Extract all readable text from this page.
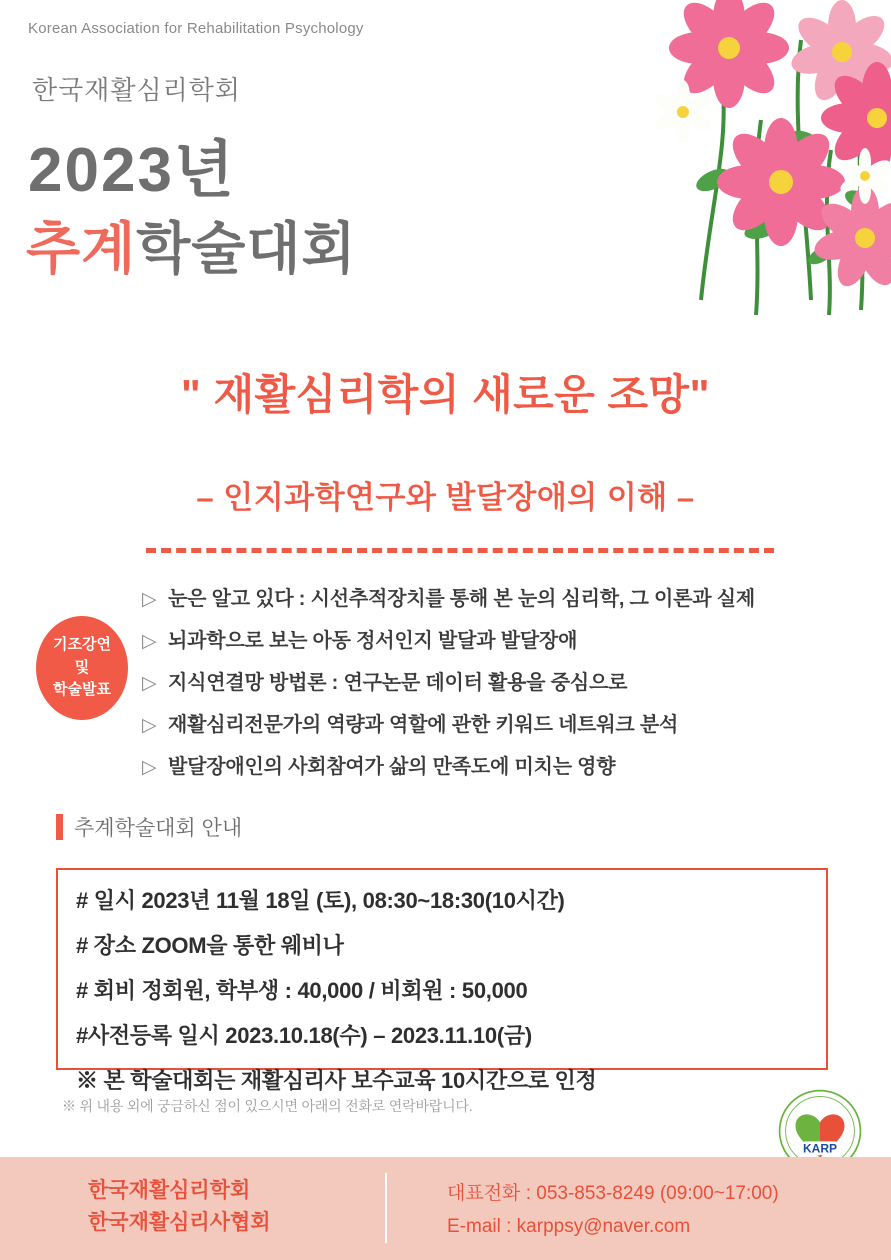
Korean Association for Rehabilitation Psychology
한국재활심리학회
2023년
추계학술대회
" 재활심리학의 새로운 조망"
– 인지과학연구와 발달장애의 이해 –
기조강연
및
학술발표
▷ 눈은 알고 있다 : 시선추적장치를 통해 본 눈의 심리학, 그 이론과 실제
▷ 뇌과학으로 보는 아동 정서인지 발달과 발달장애
▷ 지식연결망 방법론 : 연구논문 데이터 활용을 중심으로
▷ 재활심리전문가의 역량과 역할에 관한 키워드 네트워크 분석
▷ 발달장애인의 사회참여가 삶의 만족도에 미치는 영향
추계학술대회 안내
# 일시 2023년 11월 18일 (토), 08:30~18:30(10시간)
# 장소 ZOOM을 통한 웨비나
# 회비 정회원, 학부생 : 40,000 / 비회원 : 50,000
#사전등록 일시 2023.10.18(수) – 2023.11.10(금)
※ 본 학술대회는 재활심리사 보수교육 10시간으로 인정
※ 위 내용 외에 궁금하신 점이 있으시면 아래의 전화로 연락바랍니다.
KARP
한국재활심리학회
한국재활심리사협회
대표전화 : 053-853-8249 (09:00~17:00)
E-mail : karppsy@naver.com
